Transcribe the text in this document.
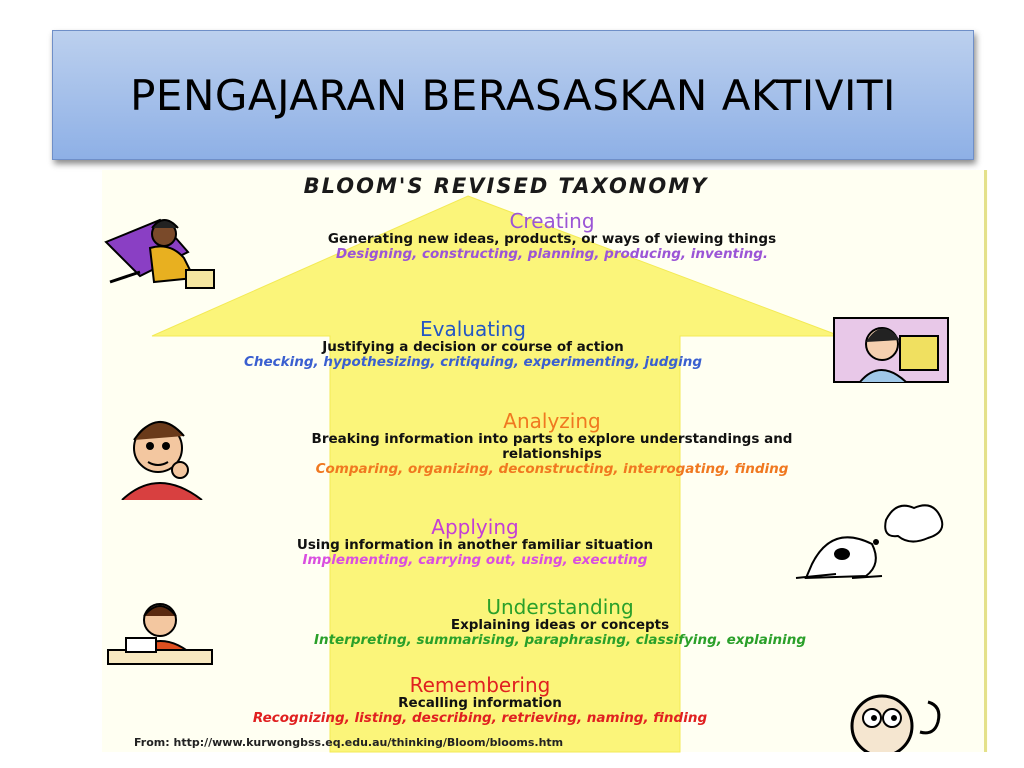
PENGAJARAN BERASASKAN AKTIVITI
BLOOM'S REVISED TAXONOMY
Creating
Generating new ideas, products, or ways of viewing things
Designing, constructing, planning, producing, inventing.
Evaluating
Justifying a decision or course of action
Checking, hypothesizing, critiquing, experimenting, judging
Analyzing
Breaking information into parts to explore understandings and relationships
Comparing, organizing, deconstructing, interrogating, finding
Applying
Using information in another familiar situation
Implementing, carrying out, using, executing
Understanding
Explaining ideas or concepts
Interpreting, summarising, paraphrasing, classifying, explaining
Remembering
Recalling information
Recognizing, listing, describing, retrieving, naming, finding
From: http://www.kurwongbss.eq.edu.au/thinking/Bloom/blooms.htm
